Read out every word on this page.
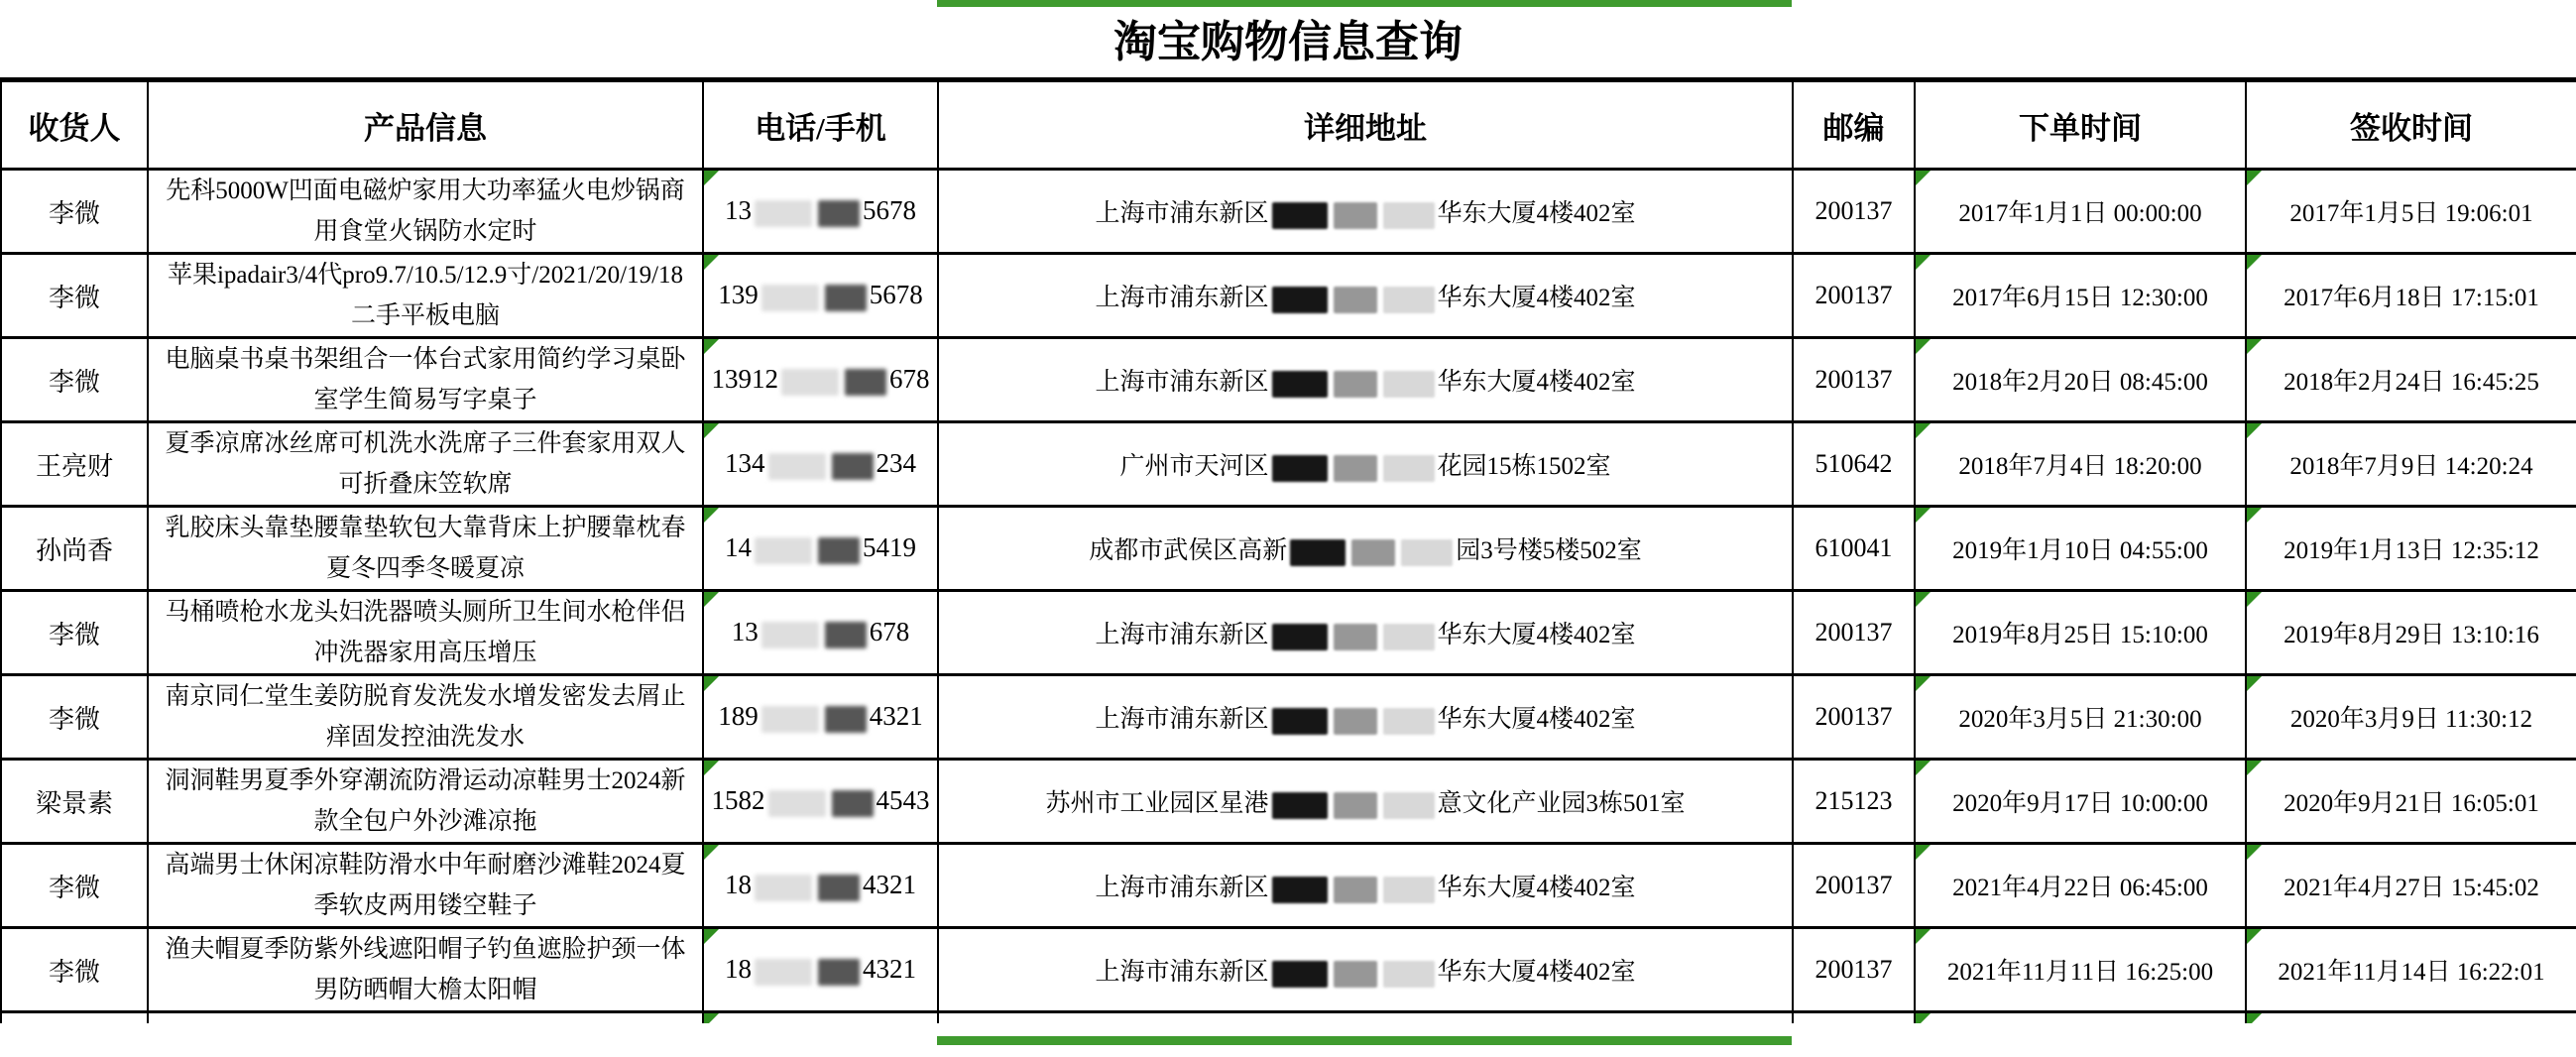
淘宝购物信息查询
收货人	产品信息	电话/手机	详细地址	邮编	下单时间	签收时间
李微	先科5000W凹面电磁炉家用大功率猛火电炒锅商用食堂火锅防水定时	13 5678	上海市浦东新区 华东大厦4楼402室	200137	2017年1月1日 00:00:00	2017年1月5日 19:06:01
李微	苹果ipadair3/4代pro9.7/10.5/12.9寸/2021/20/19/18二手平板电脑	139 5678	上海市浦东新区 华东大厦4楼402室	200137	2017年6月15日 12:30:00	2017年6月18日 17:15:01
李微	电脑桌书桌书架组合一体台式家用简约学习桌卧室学生简易写字桌子	13912 678	上海市浦东新区 华东大厦4楼402室	200137	2018年2月20日 08:45:00	2018年2月24日 16:45:25
王亮财	夏季凉席冰丝席可机洗水洗席子三件套家用双人可折叠床笠软席	134 234	广州市天河区 花园15栋1502室	510642	2018年7月4日 18:20:00	2018年7月9日 14:20:24
孙尚香	乳胶床头靠垫腰靠垫软包大靠背床上护腰靠枕春夏冬四季冬暖夏凉	14 5419	成都市武侯区高新 园3号楼5楼502室	610041	2019年1月10日 04:55:00	2019年1月13日 12:35:12
李微	马桶喷枪水龙头妇洗器喷头厕所卫生间水枪伴侣冲洗器家用高压增压	13 678	上海市浦东新区 华东大厦4楼402室	200137	2019年8月25日 15:10:00	2019年8月29日 13:10:16
李微	南京同仁堂生姜防脱育发洗发水增发密发去屑止痒固发控油洗发水	189 4321	上海市浦东新区 华东大厦4楼402室	200137	2020年3月5日 21:30:00	2020年3月9日 11:30:12
梁景素	洞洞鞋男夏季外穿潮流防滑运动凉鞋男士2024新款全包户外沙滩凉拖	1582 4543	苏州市工业园区星港 意文化产业园3栋501室	215123	2020年9月17日 10:00:00	2020年9月21日 16:05:01
李微	高端男士休闲凉鞋防滑水中年耐磨沙滩鞋2024夏季软皮两用镂空鞋子	18 4321	上海市浦东新区 华东大厦4楼402室	200137	2021年4月22日 06:45:00	2021年4月27日 15:45:02
李微	渔夫帽夏季防紫外线遮阳帽子钓鱼遮脸护颈一体男防晒帽大檐太阳帽	18 4321	上海市浦东新区 华东大厦4楼402室	200137	2021年11月11日 16:25:00	2021年11月14日 16:22:01
